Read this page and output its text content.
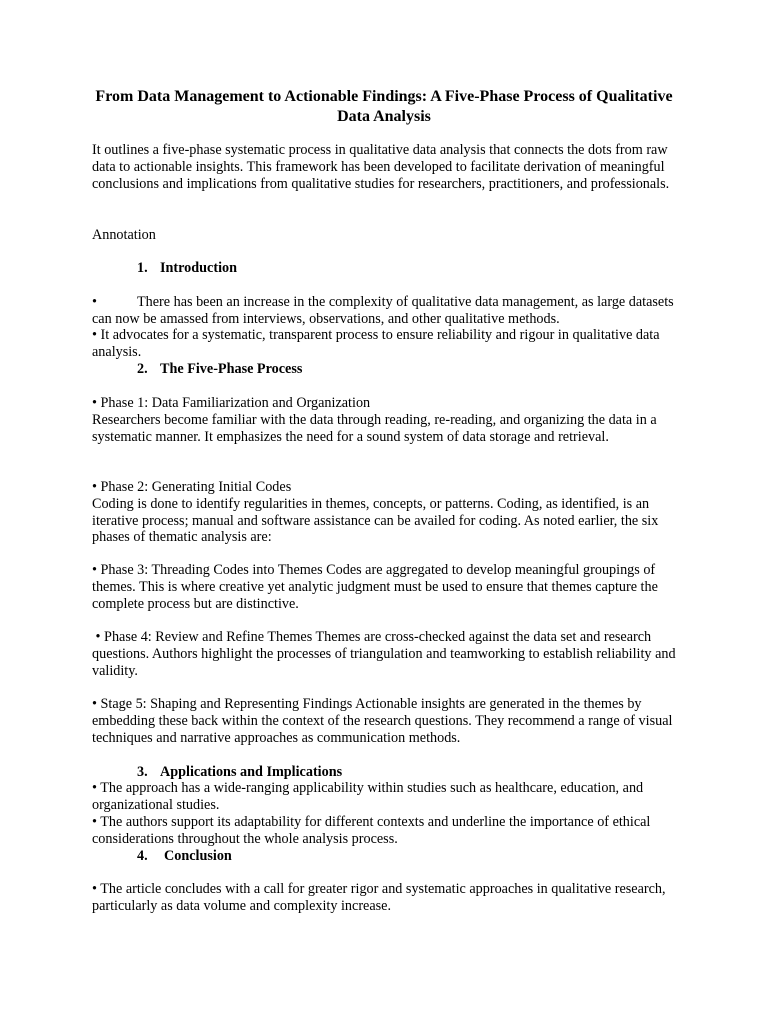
From Data Management to Actionable Findings: A Five-Phase Process of Qualitative Data Analysis

It outlines a five-phase systematic process in qualitative data analysis that connects the dots from raw data to actionable insights. This framework has been developed to facilitate derivation of meaningful conclusions and implications from qualitative studies for researchers, practitioners, and professionals.

Annotation

1. Introduction

•	There has been an increase in the complexity of qualitative data management, as large datasets can now be amassed from interviews, observations, and other qualitative methods.

• It advocates for a systematic, transparent process to ensure reliability and rigour in qualitative data analysis.

2. The Five-Phase Process
• Phase 1: Data Familiarization and Organization
Researchers become familiar with the data through reading, re-reading, and organizing the data in a systematic manner. It emphasizes the need for a sound system of data storage and retrieval.
• Phase 2: Generating Initial Codes
Coding is done to identify regularities in themes, concepts, or patterns. Coding, as identified, is an iterative process; manual and software assistance can be availed for coding. As noted earlier, the six phases of thematic analysis are:

• Phase 3: Threading Codes into Themes Codes are aggregated to develop meaningful groupings of themes. This is where creative yet analytic judgment must be used to ensure that themes capture the complete process but are distinctive.

• Phase 4: Review and Refine Themes Themes are cross-checked against the data set and research questions. Authors highlight the processes of triangulation and teamworking to establish reliability and validity.

• Stage 5: Shaping and Representing Findings Actionable insights are generated in the themes by embedding these back within the context of the research questions. They recommend a range of visual techniques and narrative approaches as communication methods.

3. Applications and Implications

• The approach has a wide-ranging applicability within studies such as healthcare, education, and organizational studies.

• The authors support its adaptability for different contexts and underline the importance of ethical considerations throughout the whole analysis process.

4. Conclusion

• The article concludes with a call for greater rigor and systematic approaches in qualitative research, particularly as data volume and complexity increase.
